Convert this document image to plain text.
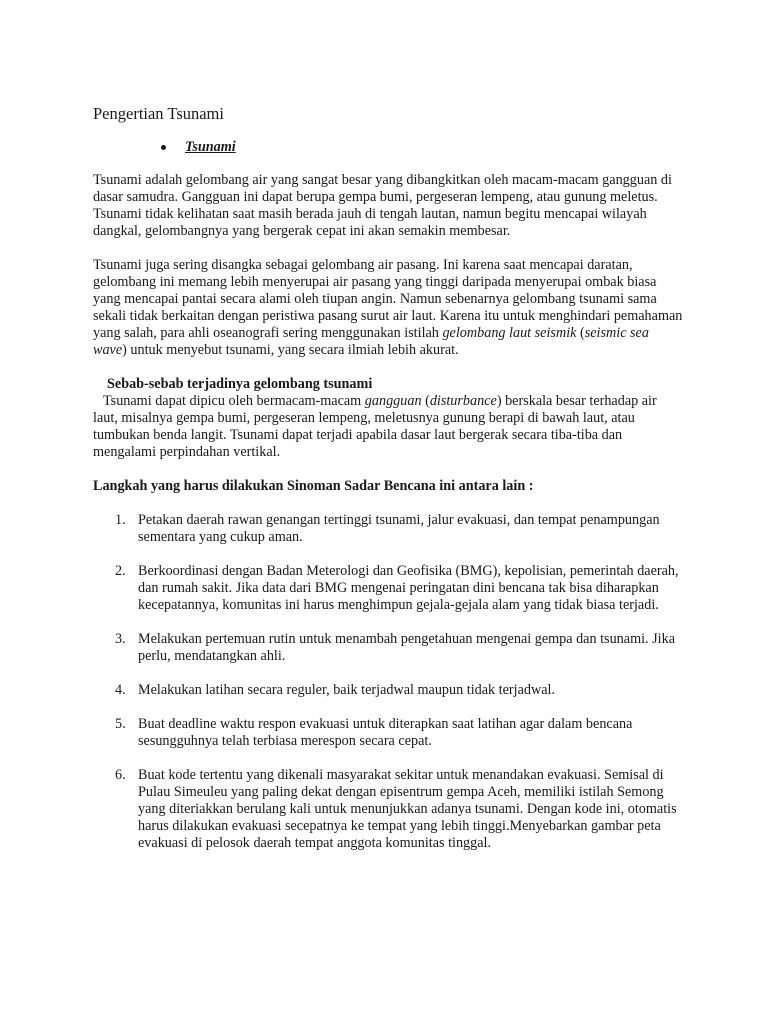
Pengertian Tsunami
Tsunami

Tsunami adalah gelombang air yang sangat besar yang dibangkitkan oleh macam-macam gangguan di dasar samudra. Gangguan ini dapat berupa gempa bumi, pergeseran lempeng, atau gunung meletus. Tsunami tidak kelihatan saat masih berada jauh di tengah lautan, namun begitu mencapai wilayah dangkal, gelombangnya yang bergerak cepat ini akan semakin membesar.

Tsunami juga sering disangka sebagai gelombang air pasang. Ini karena saat mencapai daratan, gelombang ini memang lebih menyerupai air pasang yang tinggi daripada menyerupai ombak biasa yang mencapai pantai secara alami oleh tiupan angin. Namun sebenarnya gelombang tsunami sama sekali tidak berkaitan dengan peristiwa pasang surut air laut. Karena itu untuk menghindari pemahaman yang salah, para ahli oseanografi sering menggunakan istilah gelombang laut seismik (seismic sea wave) untuk menyebut tsunami, yang secara ilmiah lebih akurat.

Sebab-sebab terjadinya gelombang tsunami

Tsunami dapat dipicu oleh bermacam-macam gangguan (disturbance) berskala besar terhadap air laut, misalnya gempa bumi, pergeseran lempeng, meletusnya gunung berapi di bawah laut, atau tumbukan benda langit. Tsunami dapat terjadi apabila dasar laut bergerak secara tiba-tiba dan mengalami perpindahan vertikal.

Langkah yang harus dilakukan Sinoman Sadar Bencana ini antara lain :

1. Petakan daerah rawan genangan tertinggi tsunami, jalur evakuasi, dan tempat penampungan sementara yang cukup aman.
2. Berkoordinasi dengan Badan Meterologi dan Geofisika (BMG), kepolisian, pemerintah daerah, dan rumah sakit. Jika data dari BMG mengenai peringatan dini bencana tak bisa diharapkan kecepatannya, komunitas ini harus menghimpun gejala-gejala alam yang tidak biasa terjadi.
3. Melakukan pertemuan rutin untuk menambah pengetahuan mengenai gempa dan tsunami. Jika perlu, mendatangkan ahli.
4. Melakukan latihan secara reguler, baik terjadwal maupun tidak terjadwal.
5. Buat deadline waktu respon evakuasi untuk diterapkan saat latihan agar dalam bencana sesungguhnya telah terbiasa merespon secara cepat.
6. Buat kode tertentu yang dikenali masyarakat sekitar untuk menandakan evakuasi. Semisal di Pulau Simeuleu yang paling dekat dengan episentrum gempa Aceh, memiliki istilah Semong yang diteriakkan berulang kali untuk menunjukkan adanya tsunami. Dengan kode ini, otomatis harus dilakukan evakuasi secepatnya ke tempat yang lebih tinggi.Menyebarkan gambar peta evakuasi di pelosok daerah tempat anggota komunitas tinggal.
